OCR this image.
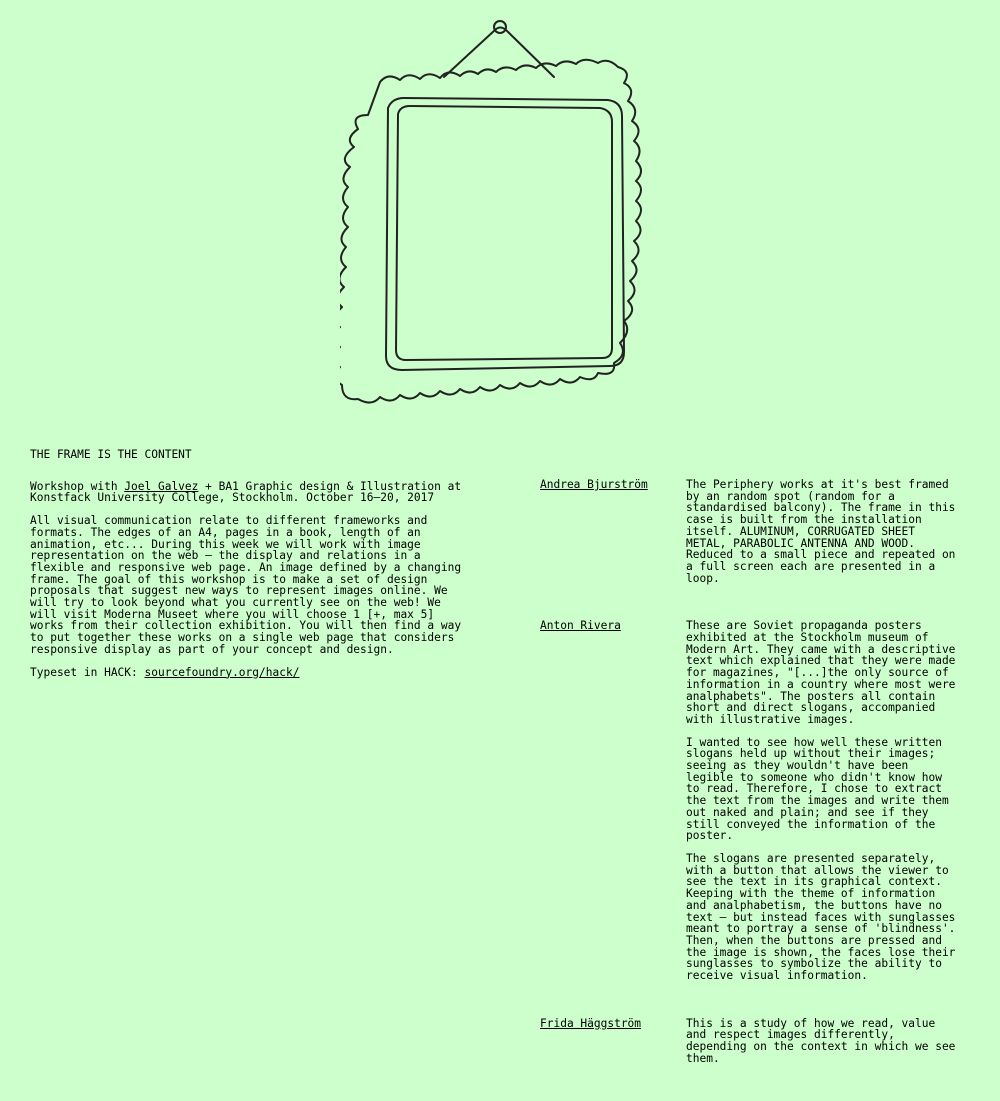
THE FRAME IS THE CONTENT

Workshop with Joel Galvez + BA1 Graphic design & Illustration at Konstfack University College, Stockholm. October 16–20, 2017

All visual communication relate to different frameworks and formats. The edges of an A4, pages in a book, length of an animation, etc... During this week we will work with image representation on the web – the display and relations in a flexible and responsive web page. An image defined by a changing frame. The goal of this workshop is to make a set of design proposals that suggest new ways to represent images online. We will try to look beyond what you currently see on the web! We will visit Moderna Museet where you will choose 1 [+, max 5] works from their collection exhibition. You will then find a way to put together these works on a single web page that considers responsive display as part of your concept and design.

Typeset in HACK: sourcefoundry.org/hack/

Andrea Bjurström	The Periphery works at it's best framed by an random spot (random for a standardised balcony). The frame in this case is built from the installation itself. ALUMINUM, CORRUGATED SHEET METAL, PARABOLIC ANTENNA AND WOOD. Reduced to a small piece and repeated on a full screen each are presented in a loop.

Anton Rivera	These are Soviet propaganda posters exhibited at the Stockholm museum of Modern Art. They came with a descriptive text which explained that they were made for magazines, "[...]the only source of information in a country where most were analphabets". The posters all contain short and direct slogans, accompanied with illustrative images.

I wanted to see how well these written slogans held up without their images; seeing as they wouldn't have been legible to someone who didn't know how to read. Therefore, I chose to extract the text from the images and write them out naked and plain; and see if they still conveyed the information of the poster.

The slogans are presented separately, with a button that allows the viewer to see the text in its graphical context. Keeping with the theme of information and analphabetism, the buttons have no text – but instead faces with sunglasses meant to portray a sense of 'blindness'. Then, when the buttons are pressed and the image is shown, the faces lose their sunglasses to symbolize the ability to receive visual information.

Frida Häggström	This is a study of how we read, value and respect images differently, depending on the context in which we see them.
